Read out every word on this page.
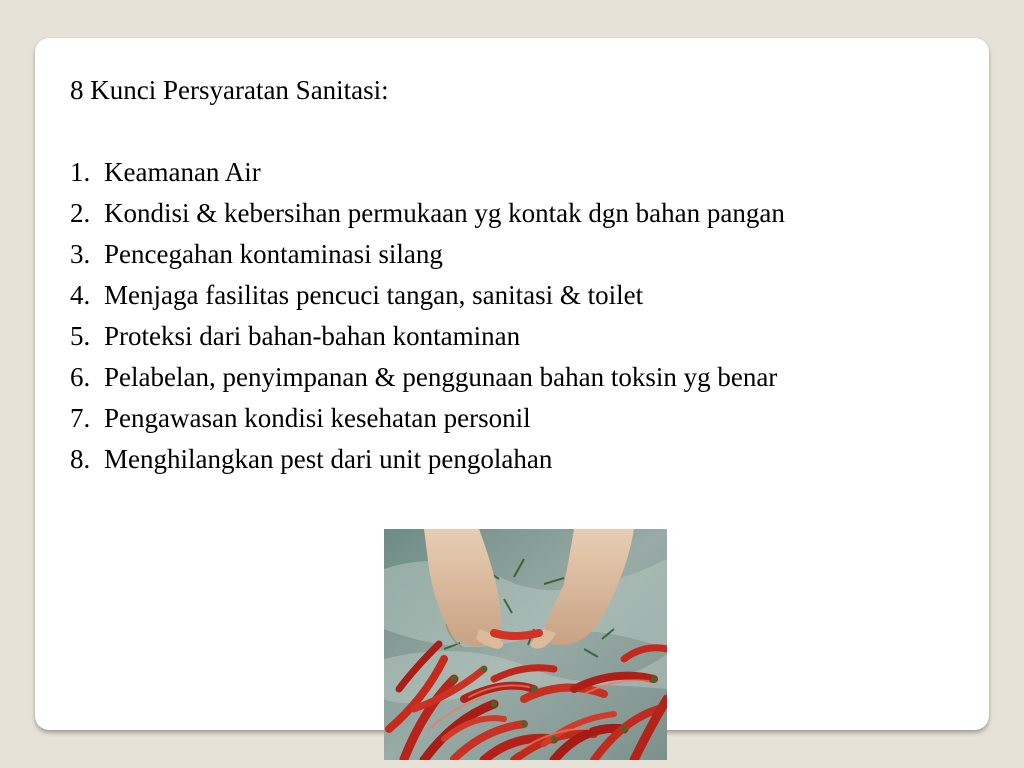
8 Kunci Persyaratan Sanitasi:
1. Keamanan Air
2. Kondisi & kebersihan permukaan yg kontak dgn bahan pangan
3. Pencegahan kontaminasi silang
4. Menjaga fasilitas pencuci tangan, sanitasi & toilet
5. Proteksi dari bahan-bahan kontaminan
6. Pelabelan, penyimpanan & penggunaan bahan toksin yg benar
7. Pengawasan kondisi kesehatan personil
8. Menghilangkan pest dari unit pengolahan
